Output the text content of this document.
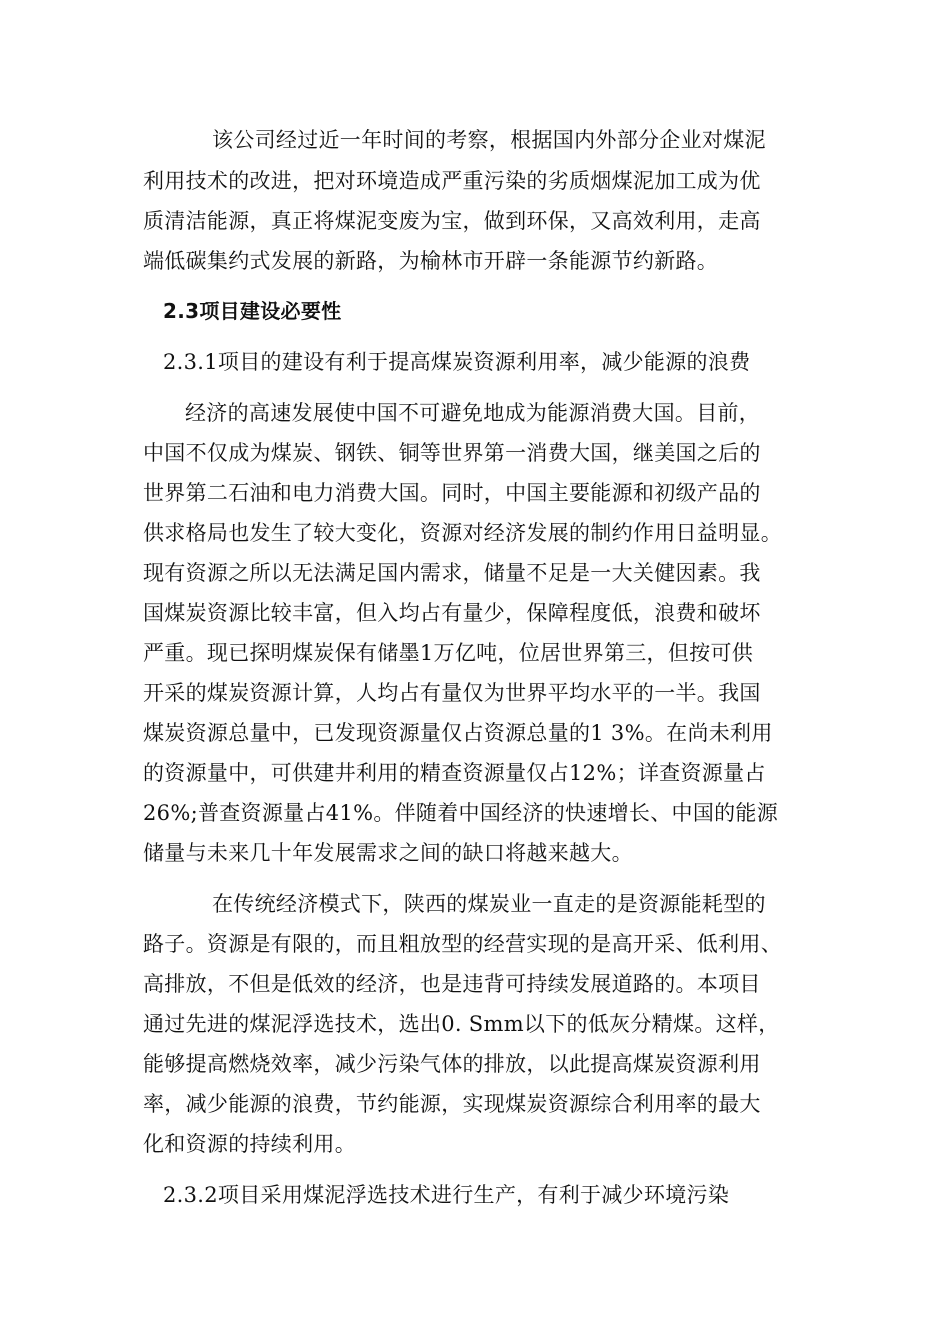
该公司经过近一年时间的考察，根据国内外部分企业对煤泥
利用技术的改进，把对环境造成严重污染的劣质烟煤泥加工成为优
质清洁能源，真正将煤泥变废为宝，做到环保，又高效利用，走高
端低碳集约式发展的新路，为榆林市开辟一条能源节约新路。
2.3项目建设必要性
2.3.1项目的建设有利于提高煤炭资源利用率，减少能源的浪费
经济的高速发展使中国不可避免地成为能源消费大国。目前，
中国不仅成为煤炭、钢铁、铜等世界第一消费大国，继美国之后的
世界第二石油和电力消费大国。同时，中国主要能源和初级产品的
供求格局也发生了较大变化，资源对经济发展的制约作用日益明显。
现有资源之所以无法满足国内需求，储量不足是一大关健因素。我
国煤炭资源比较丰富，但入均占有量少，保障程度低，浪费和破坏
严重。现已探明煤炭保有储墨1万亿吨，位居世界第三，但按可供
开采的煤炭资源计算，人均占有量仅为世界平均水平的一半。我国
煤炭资源总量中，已发现资源量仅占资源总量的1 3%。在尚未利用
的资源量中，可供建井利用的精查资源量仅占12%；详查资源量占
26%;普查资源量占41%。伴随着中国经济的快速增长、中国的能源
储量与未来几十年发展需求之间的缺口将越来越大。
在传统经济模式下，陕西的煤炭业一直走的是资源能耗型的
路子。资源是有限的，而且粗放型的经营实现的是高开采、低利用、
高排放，不但是低效的经济，也是违背可持续发展道路的。本项目
通过先进的煤泥浮选技术，选出0. Smm以下的低灰分精煤。这样，
能够提高燃烧效率，减少污染气体的排放，以此提高煤炭资源利用
率，减少能源的浪费，节约能源，实现煤炭资源综合利用率的最大
化和资源的持续利用。
2.3.2项目采用煤泥浮选技术进行生产，有利于减少环境污染
